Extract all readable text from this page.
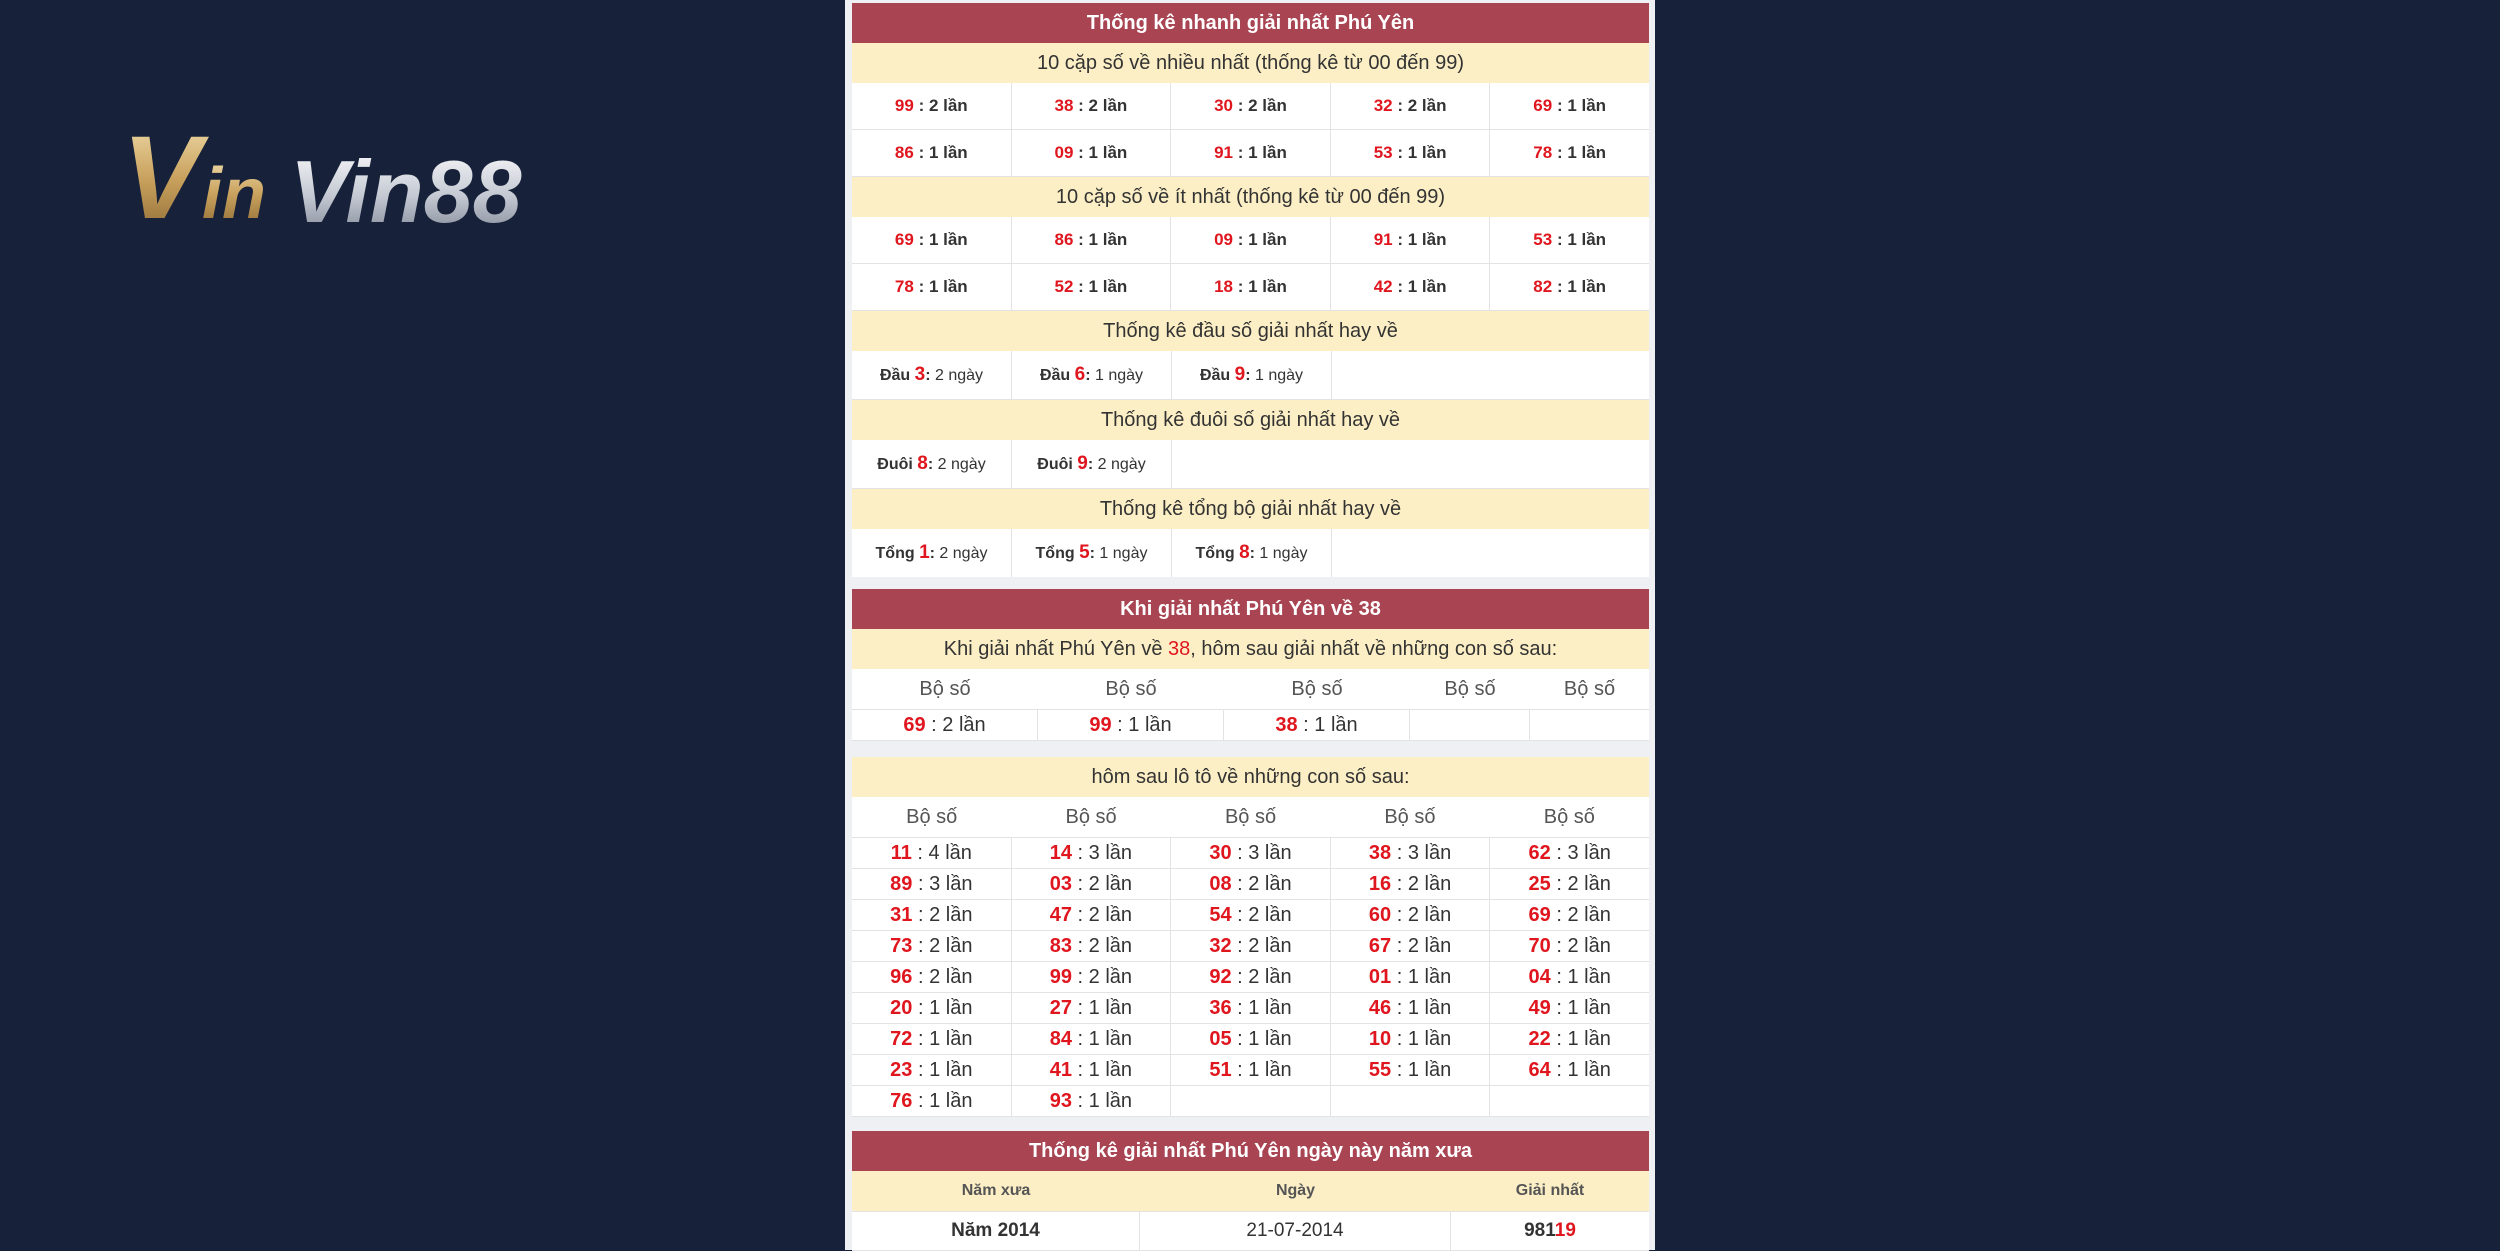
V in Vin88
Thống kê nhanh giải nhất Phú Yên
10 cặp số về nhiều nhất (thống kê từ 00 đến 99)
99 : 2 lần	38 : 2 lần	30 : 2 lần	32 : 2 lần	69 : 1 lần
86 : 1 lần	09 : 1 lần	91 : 1 lần	53 : 1 lần	78 : 1 lần
10 cặp số về ít nhất (thống kê từ 00 đến 99)
69 : 1 lần	86 : 1 lần	09 : 1 lần	91 : 1 lần	53 : 1 lần
78 : 1 lần	52 : 1 lần	18 : 1 lần	42 : 1 lần	82 : 1 lần
Thống kê đầu số giải nhất hay về
Đầu 3: 2 ngày	Đầu 6: 1 ngày	Đầu 9: 1 ngày
Thống kê đuôi số giải nhất hay về
Đuôi 8: 2 ngày	Đuôi 9: 2 ngày
Thống kê tổng bộ giải nhất hay về
Tổng 1: 2 ngày	Tổng 5: 1 ngày	Tổng 8: 1 ngày
Khi giải nhất Phú Yên về 38
Khi giải nhất Phú Yên về 38, hôm sau giải nhất về những con số sau:
Bộ số	Bộ số	Bộ số	Bộ số	Bộ số
69 : 2 lần	99 : 1 lần	38 : 1 lần
hôm sau lô tô về những con số sau:
Bộ số	Bộ số	Bộ số	Bộ số	Bộ số
11 : 4 lần	14 : 3 lần	30 : 3 lần	38 : 3 lần	62 : 3 lần
89 : 3 lần	03 : 2 lần	08 : 2 lần	16 : 2 lần	25 : 2 lần
31 : 2 lần	47 : 2 lần	54 : 2 lần	60 : 2 lần	69 : 2 lần
73 : 2 lần	83 : 2 lần	32 : 2 lần	67 : 2 lần	70 : 2 lần
96 : 2 lần	99 : 2 lần	92 : 2 lần	01 : 1 lần	04 : 1 lần
20 : 1 lần	27 : 1 lần	36 : 1 lần	46 : 1 lần	49 : 1 lần
72 : 1 lần	84 : 1 lần	05 : 1 lần	10 : 1 lần	22 : 1 lần
23 : 1 lần	41 : 1 lần	51 : 1 lần	55 : 1 lần	64 : 1 lần
76 : 1 lần	93 : 1 lần
Thống kê giải nhất Phú Yên ngày này năm xưa
Năm xưa	Ngày	Giải nhất
Năm 2014	21-07-2014	98119
